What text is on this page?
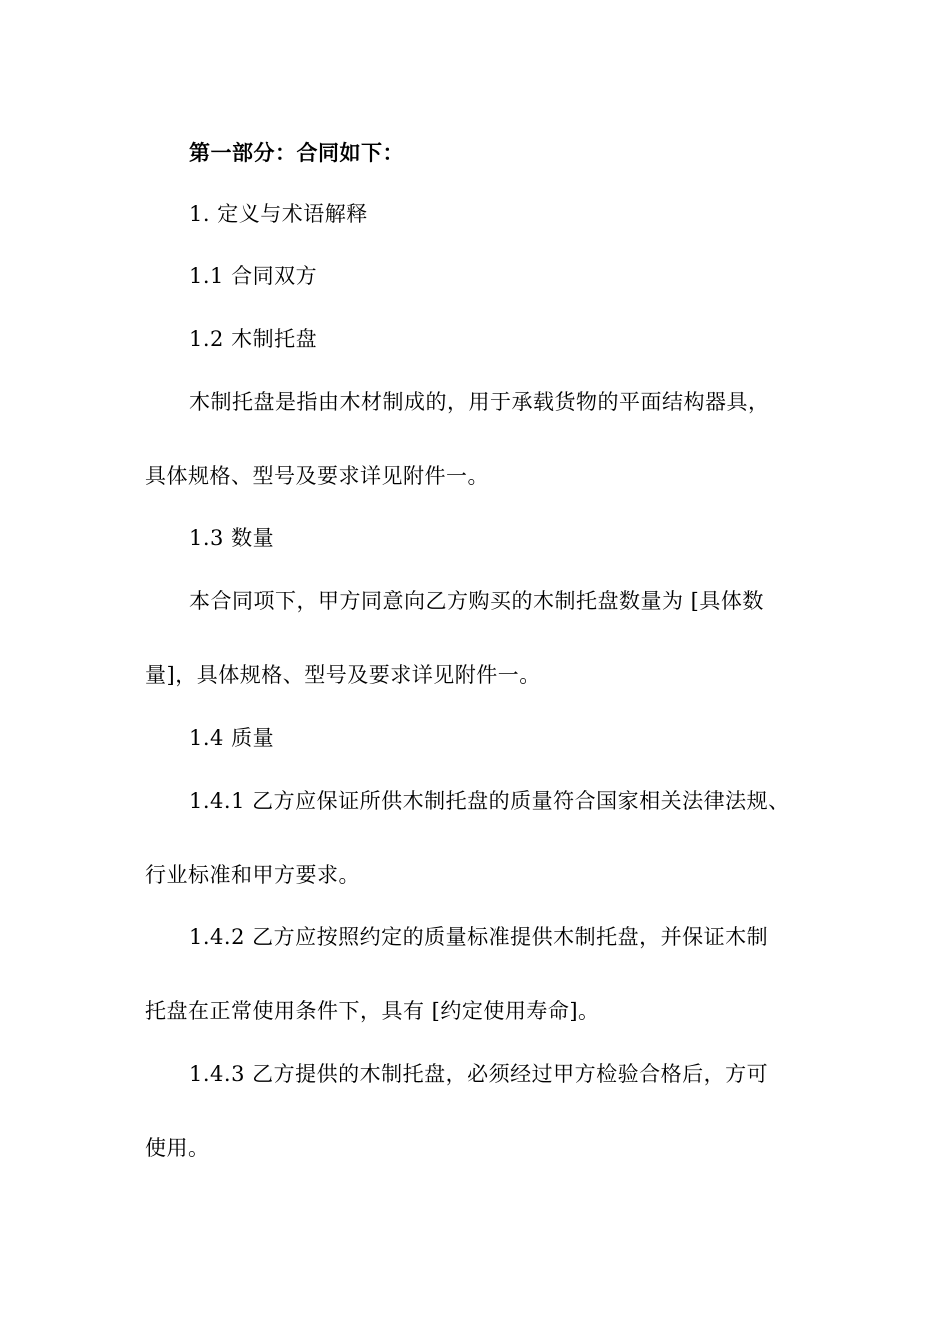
第一部分：合同如下：
1. 定义与术语解释
1.1 合同双方
1.2 木制托盘
木制托盘是指由木材制成的，用于承载货物的平面结构器具，
具体规格、型号及要求详见附件一。
1.3 数量
本合同项下，甲方同意向乙方购买的木制托盘数量为 [具体数
量]，具体规格、型号及要求详见附件一。
1.4 质量
1.4.1 乙方应保证所供木制托盘的质量符合国家相关法律法规、
行业标准和甲方要求。
1.4.2 乙方应按照约定的质量标准提供木制托盘，并保证木制
托盘在正常使用条件下，具有 [约定使用寿命]。
1.4.3 乙方提供的木制托盘，必须经过甲方检验合格后，方可
使用。
